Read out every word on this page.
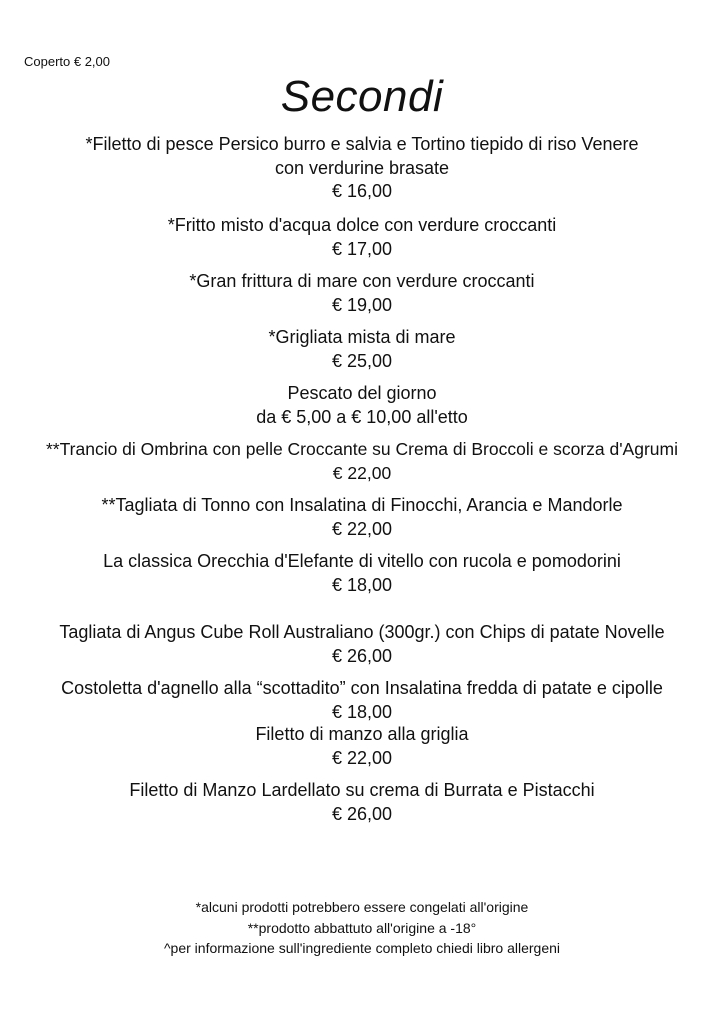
Coperto € 2,00
Secondi
*Filetto di pesce Persico burro e salvia e Tortino tiepido di riso Venere
con verdurine brasate
€ 16,00
*Fritto misto d'acqua dolce con verdure croccanti
€ 17,00
*Gran frittura di mare con verdure croccanti
€ 19,00
*Grigliata mista di mare
€ 25,00
Pescato del giorno
da € 5,00 a € 10,00 all'etto
**Trancio di Ombrina con pelle Croccante su Crema di Broccoli e scorza d'Agrumi
€ 22,00
**Tagliata di Tonno con Insalatina di Finocchi, Arancia e Mandorle
€ 22,00
La classica Orecchia d'Elefante di vitello con rucola e pomodorini
€ 18,00
Tagliata di Angus Cube Roll Australiano (300gr.) con Chips di patate Novelle
€ 26,00
Costoletta d'agnello alla “scottadito” con Insalatina fredda di patate e cipolle
€ 18,00
Filetto di manzo alla griglia
€ 22,00
Filetto di Manzo Lardellato su crema di Burrata e Pistacchi
€ 26,00
*alcuni prodotti potrebbero essere congelati all'origine
**prodotto abbattuto all'origine a -18°
^per informazione sull'ingrediente completo chiedi libro allergeni
